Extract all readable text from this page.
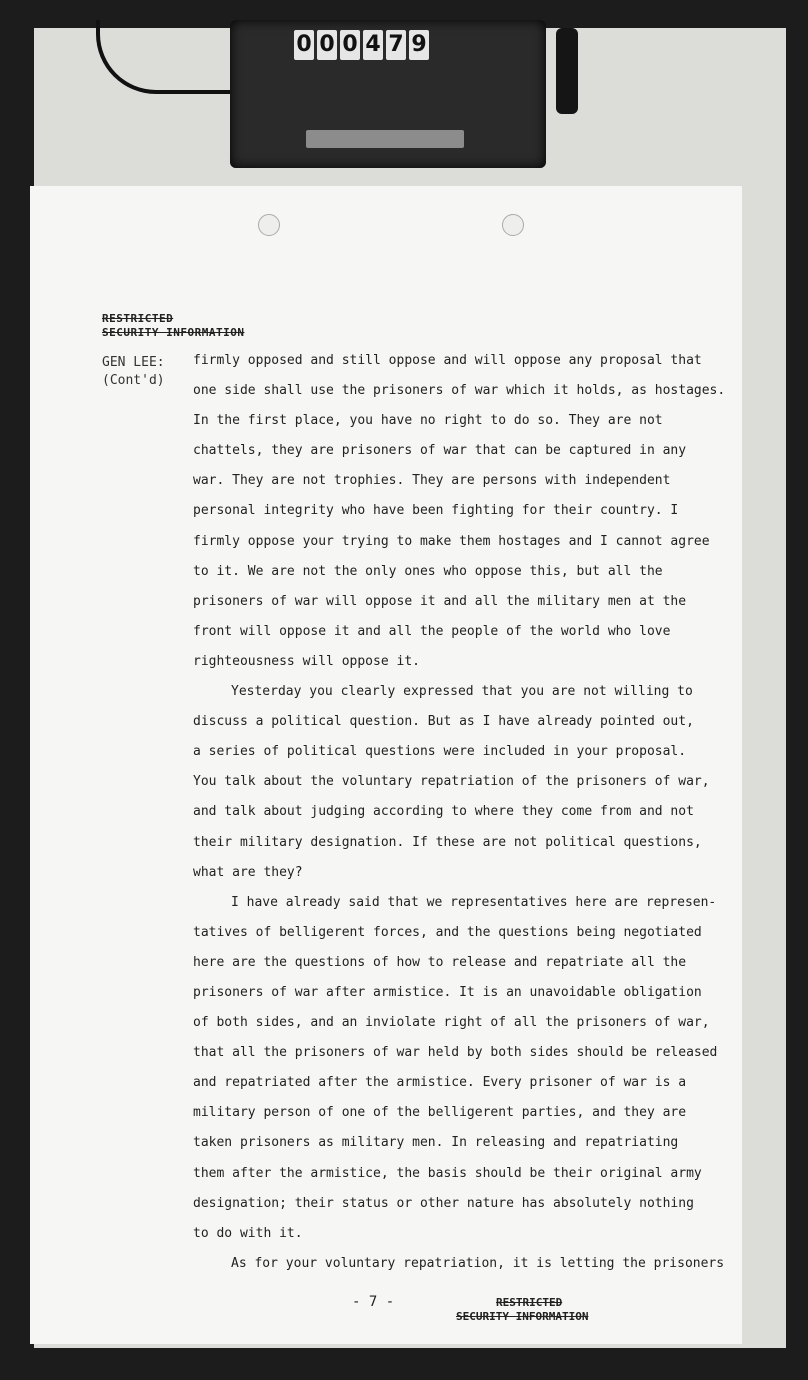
0 0 0 4 7 9
RESTRICTED
SECURITY INFORMATION
GEN LEE:
(Cont'd)
firmly opposed and still oppose and will oppose any proposal that
one side shall use the prisoners of war which it holds, as hostages.
In the first place, you have no right to do so. They are not
chattels, they are prisoners of war that can be captured in any
war. They are not trophies. They are persons with independent
personal integrity who have been fighting for their country. I
firmly oppose your trying to make them hostages and I cannot agree
to it. We are not the only ones who oppose this, but all the
prisoners of war will oppose it and all the military men at the
front will oppose it and all the people of the world who love
righteousness will oppose it.
Yesterday you clearly expressed that you are not willing to
discuss a political question. But as I have already pointed out,
a series of political questions were included in your proposal.
You talk about the voluntary repatriation of the prisoners of war,
and talk about judging according to where they come from and not
their military designation. If these are not political questions,
what are they?
I have already said that we representatives here are represen-
tatives of belligerent forces, and the questions being negotiated
here are the questions of how to release and repatriate all the
prisoners of war after armistice. It is an unavoidable obligation
of both sides, and an inviolate right of all the prisoners of war,
that all the prisoners of war held by both sides should be released
and repatriated after the armistice. Every prisoner of war is a
military person of one of the belligerent parties, and they are
taken prisoners as military men. In releasing and repatriating
them after the armistice, the basis should be their original army
designation; their status or other nature has absolutely nothing
to do with it.
As for your voluntary repatriation, it is letting the prisoners
- 7 -	RESTRICTED
SECURITY INFORMATION
